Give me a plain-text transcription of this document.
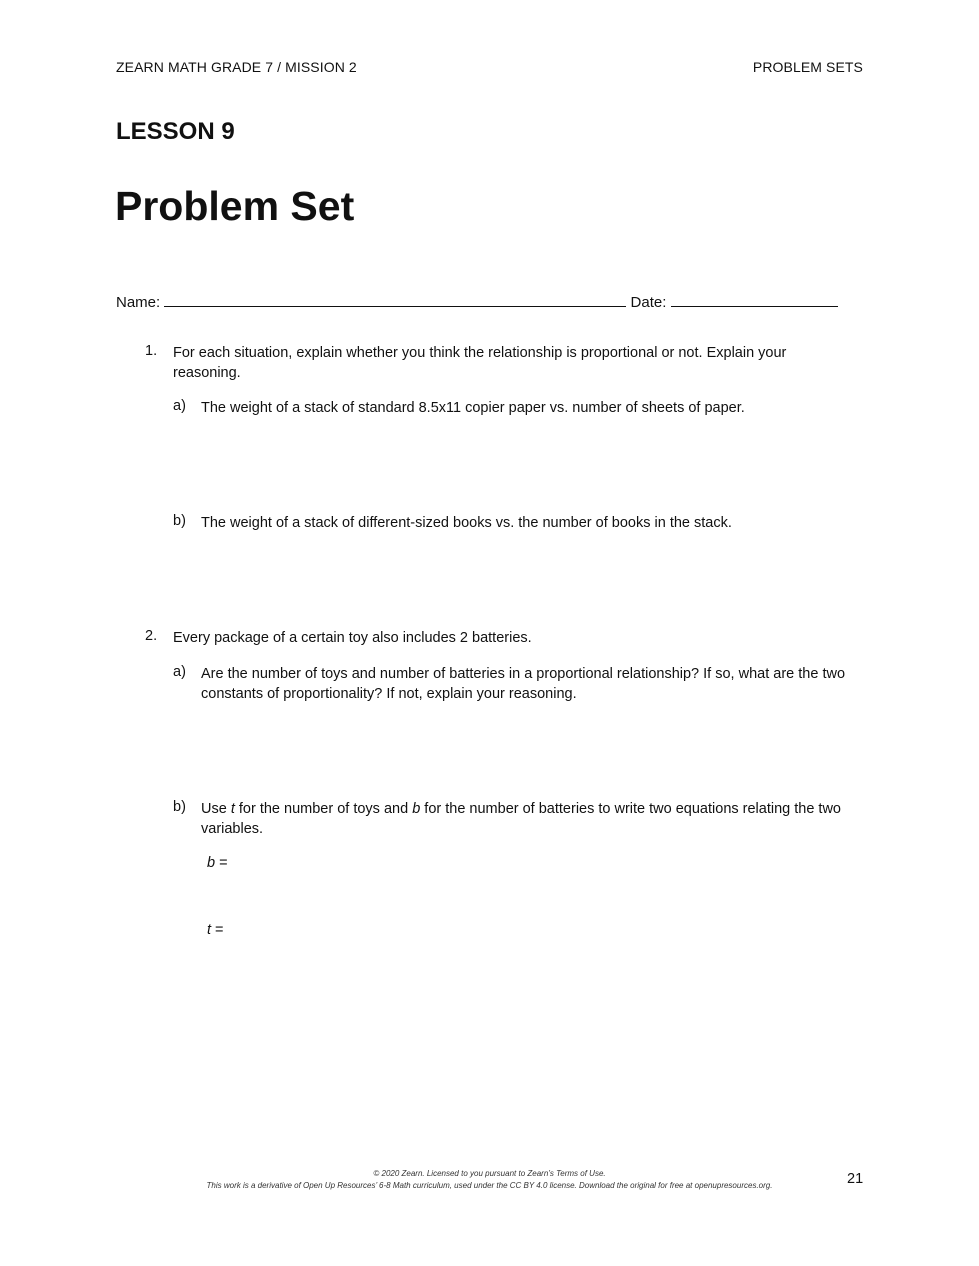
ZEARN MATH GRADE 7 / MISSION 2	PROBLEM SETS
LESSON 9
Problem Set
Name:	Date:
1. For each situation, explain whether you think the relationship is proportional or not. Explain your reasoning.
a) The weight of a stack of standard 8.5x11 copier paper vs. number of sheets of paper.
b) The weight of a stack of different-sized books vs. the number of books in the stack.
2. Every package of a certain toy also includes 2 batteries.
a) Are the number of toys and number of batteries in a proportional relationship? If so, what are the two constants of proportionality? If not, explain your reasoning.
b) Use t for the number of toys and b for the number of batteries to write two equations relating the two variables.
b =
t =
© 2020 Zearn. Licensed to you pursuant to Zearn’s Terms of Use.
This work is a derivative of Open Up Resources’ 6-8 Math curriculum, used under the CC BY 4.0 license. Download the original for free at openupresources.org.	21
